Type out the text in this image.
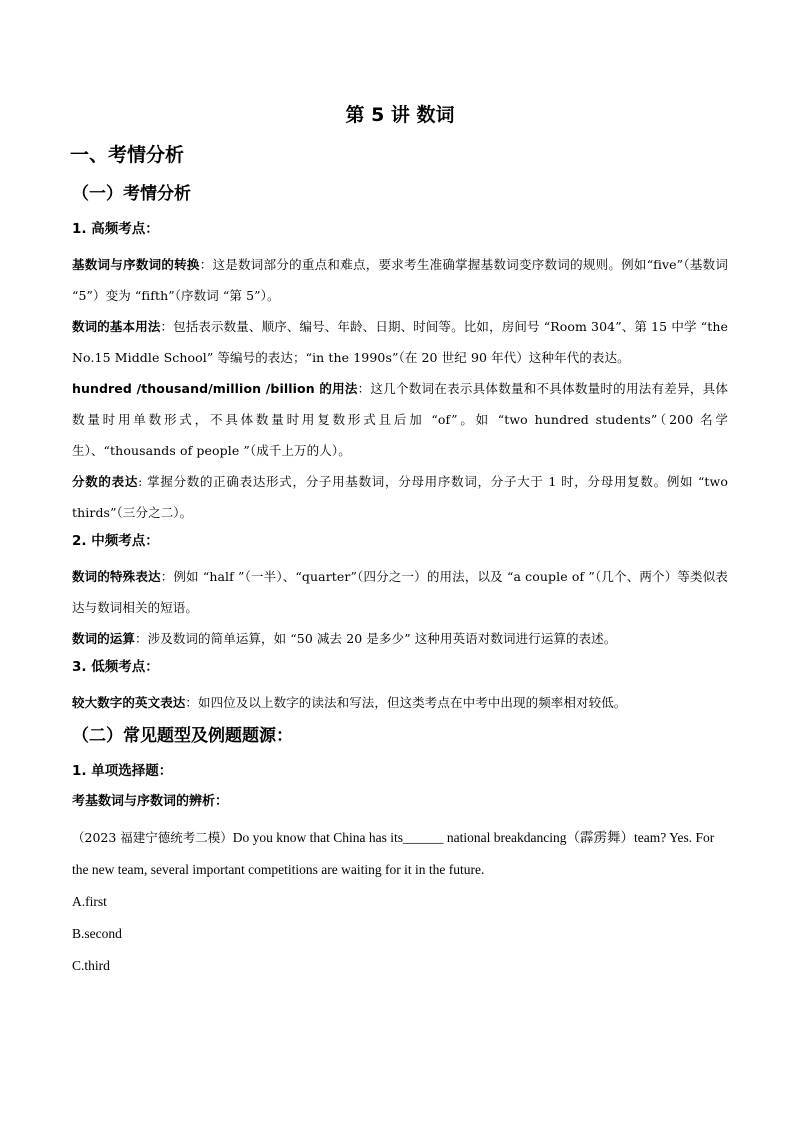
第 5 讲 数词
一、考情分析
（一）考情分析
1. 高频考点：

基数词与序数词的转换：这是数词部分的重点和难点，要求考生准确掌握基数词变序数词的规则。例如“five”（基数词 “5”）变为 “fifth”（序数词 “第 5”）。

数词的基本用法：包括表示数量、顺序、编号、年龄、日期、时间等。比如，房间号 “Room 304”、第 15 中学 “the No.15 Middle School” 等编号的表达；“in the 1990s”（在 20 世纪 90 年代）这种年代的表达。

hundred /thousand/million /billion 的用法：这几个数词在表示具体数量和不具体数量时的用法有差异，具体数量时用单数形式，不具体数量时用复数形式且后加 “of”。如 “two hundred students”（200 名学生）、“thousands of people ”（成千上万的人）。

分数的表达: 掌握分数的正确表达形式，分子用基数词，分母用序数词，分子大于 1 时，分母用复数。例如 “two thirds”（三分之二）。

2. 中频考点：

数词的特殊表达：例如 “half ”（一半）、“quarter”（四分之一）的用法，以及 “a couple of ”（几个、两个）等类似表达与数词相关的短语。

数词的运算：涉及数词的简单运算，如 “50 减去 20 是多少” 这种用英语对数词进行运算的表述。

3. 低频考点：

较大数字的英文表达：如四位及以上数字的读法和写法，但这类考点在中考中出现的频率相对较低。

（二）常见题型及例题题源：
1. 单项选择题：
考基数词与序数词的辨析：

（2023 福建宁德统考二模）Do you know that China has its______ national breakdancing（霹雳舞）team? Yes. For the new team, several important competitions are waiting for it in the future.

A.first

B.second

C.third
